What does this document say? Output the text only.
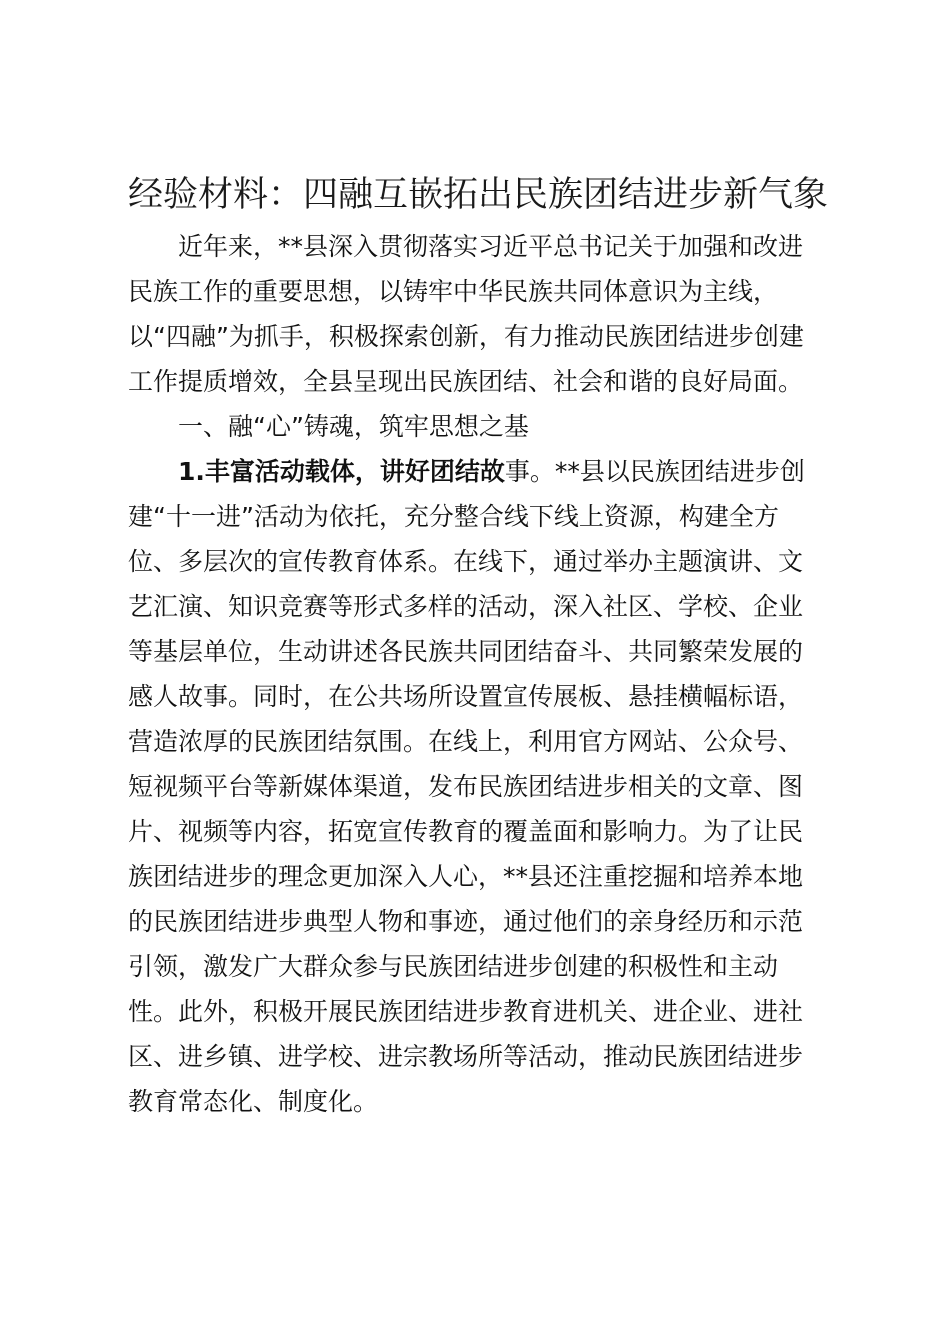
经验材料：四融互嵌拓出民族团结进步新气象
近年来，**县深入贯彻落实习近平总书记关于加强和改进
民族工作的重要思想，以铸牢中华民族共同体意识为主线，
以“四融”为抓手，积极探索创新，有力推动民族团结进步创建
工作提质增效，全县呈现出民族团结、社会和谐的良好局面。
一、融“心”铸魂，筑牢思想之基
1.丰富活动载体，讲好团结故事。**县以民族团结进步创
建“十一进”活动为依托，充分整合线下线上资源，构建全方
位、多层次的宣传教育体系。在线下，通过举办主题演讲、文
艺汇演、知识竞赛等形式多样的活动，深入社区、学校、企业
等基层单位，生动讲述各民族共同团结奋斗、共同繁荣发展的
感人故事。同时，在公共场所设置宣传展板、悬挂横幅标语，
营造浓厚的民族团结氛围。在线上，利用官方网站、公众号、
短视频平台等新媒体渠道，发布民族团结进步相关的文章、图
片、视频等内容，拓宽宣传教育的覆盖面和影响力。为了让民
族团结进步的理念更加深入人心，**县还注重挖掘和培养本地
的民族团结进步典型人物和事迹，通过他们的亲身经历和示范
引领，激发广大群众参与民族团结进步创建的积极性和主动
性。此外，积极开展民族团结进步教育进机关、进企业、进社
区、进乡镇、进学校、进宗教场所等活动，推动民族团结进步
教育常态化、制度化。
